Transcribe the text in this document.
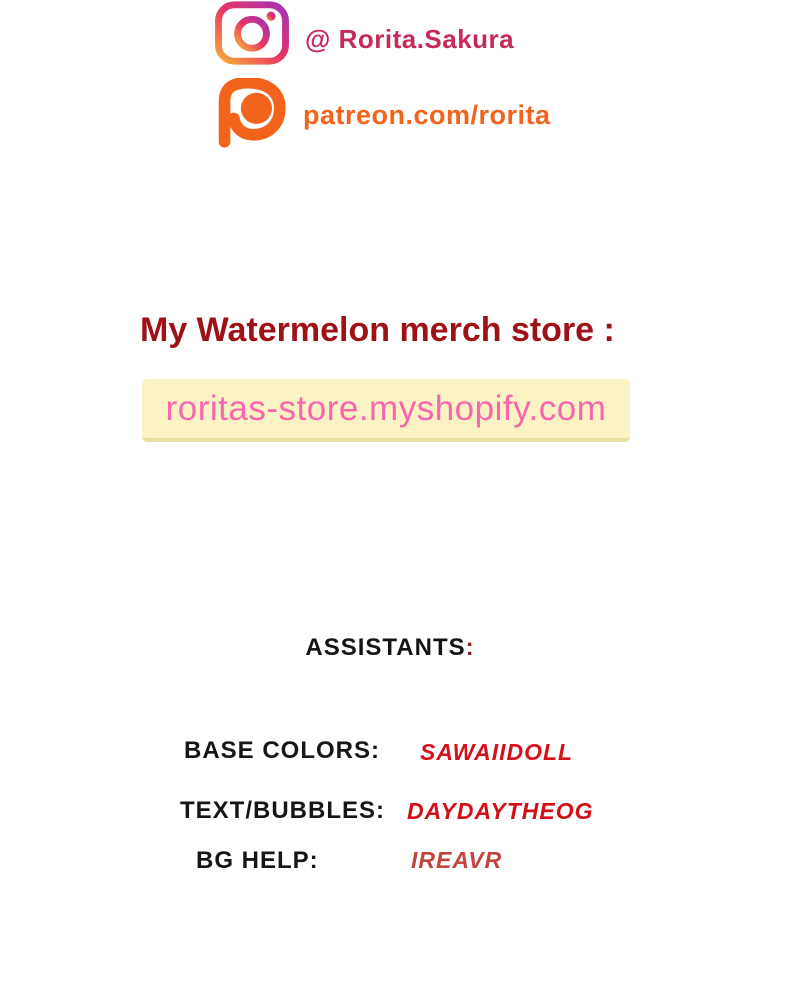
@ Rorita.Sakura
patreon.com/rorita
My Watermelon merch store :
roritas-store.myshopify.com
ASSISTANTS:
BASE COLORS: SAWAIIDOLL
TEXT/BUBBLES: DAYDAYTHEOG
BG HELP:	IREAVR
